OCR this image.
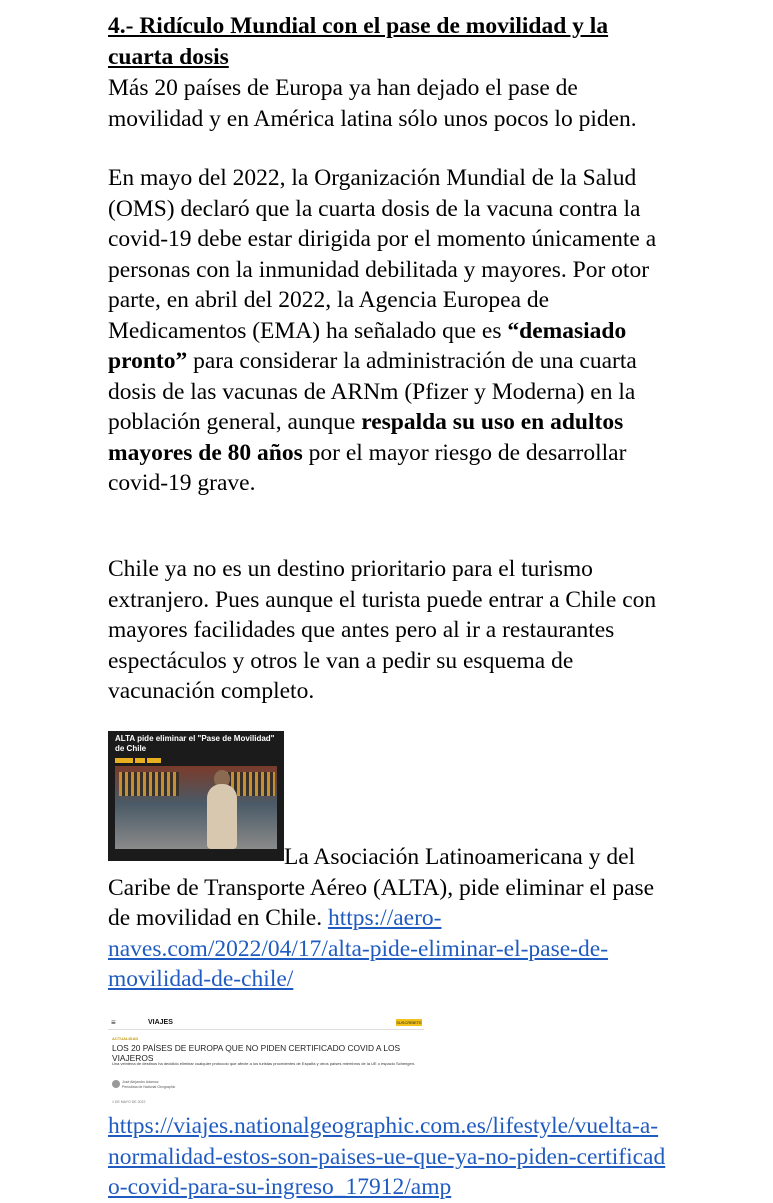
4.- Ridículo Mundial con el pase de movilidad y la cuarta dosis
Más 20 países de Europa ya han dejado el pase de movilidad y en América latina sólo unos pocos lo piden.
En mayo del 2022, la Organización Mundial de la Salud (OMS) declaró que la cuarta dosis de la vacuna contra la covid-19 debe estar dirigida por el momento únicamente a personas con la inmunidad debilitada y mayores. Por otor parte, en abril del 2022, la Agencia Europea de Medicamentos (EMA) ha señalado que es “demasiado pronto” para considerar la administración de una cuarta dosis de las vacunas de ARNm (Pfizer y Moderna) en la población general, aunque respalda su uso en adultos mayores de 80 años por el mayor riesgo de desarrollar covid-19 grave.
Chile ya no es un destino prioritario para el turismo extranjero. Pues aunque el turista puede entrar a Chile con mayores facilidades que antes pero al ir a restaurantes espectáculos y otros le van a pedir su esquema de vacunación completo.
ALTA pide eliminar el "Pase de Movilidad" de Chile
La Asociación Latinoamericana y del Caribe de Transporte Aéreo (ALTA), pide eliminar el pase de movilidad en Chile. https://aero-naves.com/2022/04/17/alta-pide-eliminar-el-pase-de-movilidad-de-chile/
≡	VIAJES	SUSCRÍBETE
ACTUALIDAD
LOS 20 PAÍSES DE EUROPA QUE NO PIDEN CERTIFICADO COVID A LOS VIAJEROS
Una veintena de destinos ha decidido eliminar cualquier protocolo que afecte a los turistas procedentes de España y otros países miembros de la UE o espacio Schengen.
José Alejandro Adamuz
Periodista de National Geographic
1 DE MAYO DE 2022
https://viajes.nationalgeographic.com.es/lifestyle/vuelta-a-normalidad-estos-son-paises-ue-que-ya-no-piden-certificado-covid-para-su-ingreso_17912/amp
